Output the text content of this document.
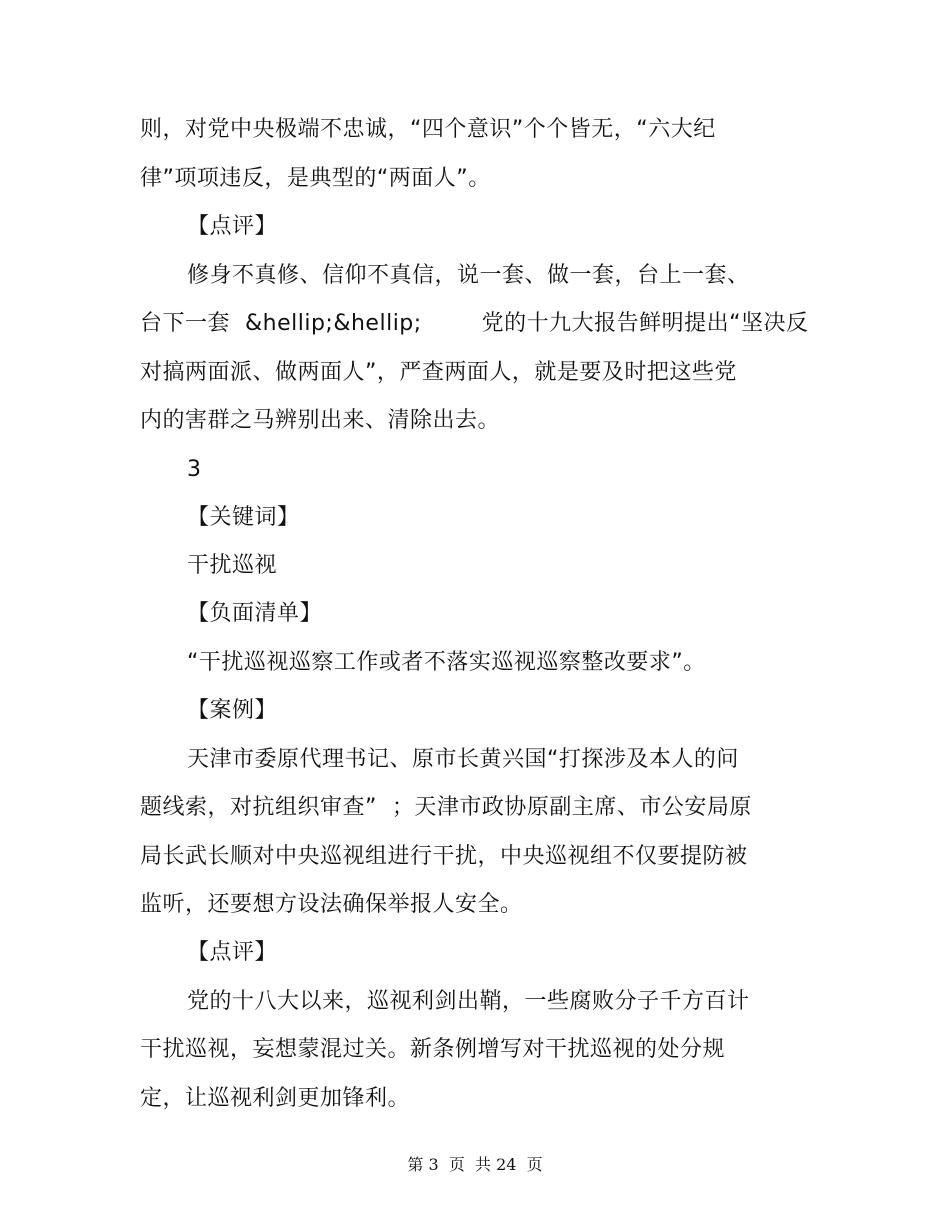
则，对党中央极端不忠诚，“四个意识”个个皆无，“六大纪
律”项项违反，是典型的“两面人”。
【点评】
修身不真修、信仰不真信，说一套、做一套，台上一套、
台下一套  &hellip;&hellip;        党的十九大报告鲜明提出“坚决反
对搞两面派、做两面人”，严查两面人，就是要及时把这些党
内的害群之马辨别出来、清除出去。
3
【关键词】
干扰巡视
【负面清单】
“干扰巡视巡察工作或者不落实巡视巡察整改要求”。
【案例】
天津市委原代理书记、原市长黄兴国“打探涉及本人的问
题线索，对抗组织审查”  ；天津市政协原副主席、市公安局原
局长武长顺对中央巡视组进行干扰，中央巡视组不仅要提防被
监听，还要想方设法确保举报人安全。
【点评】
党的十八大以来，巡视利剑出鞘，一些腐败分子千方百计
干扰巡视，妄想蒙混过关。新条例增写对干扰巡视的处分规
定，让巡视利剑更加锋利。
第 3  页  共 24  页
